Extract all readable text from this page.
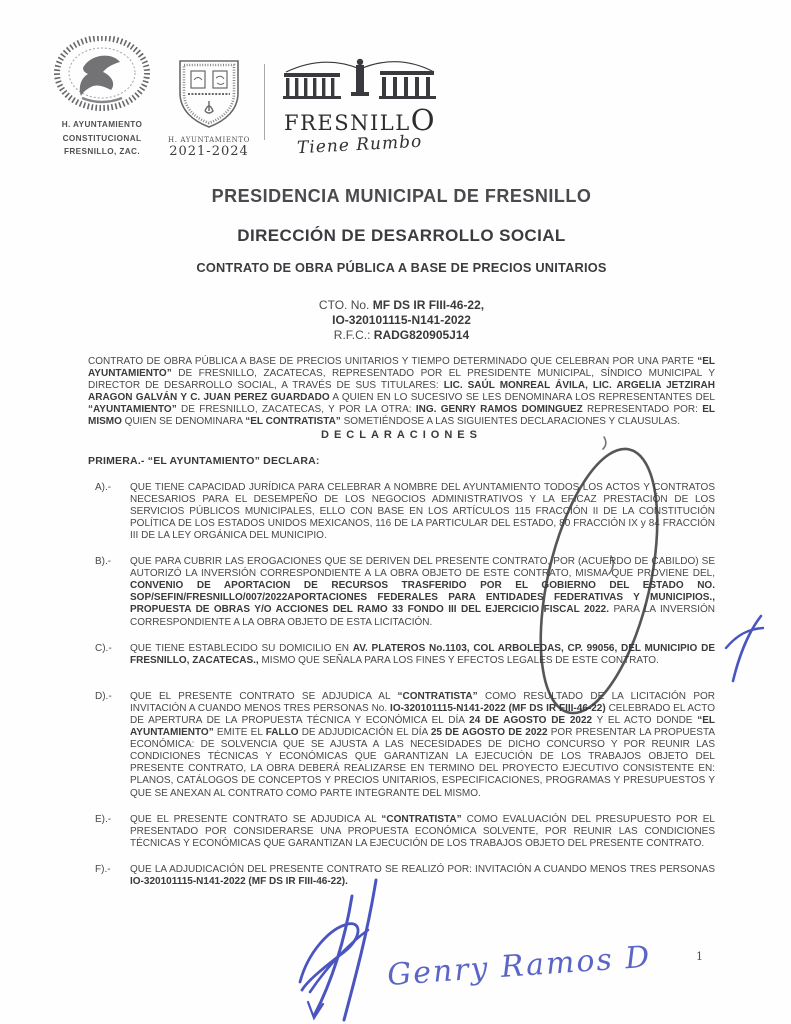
H. AYUNTAMIENTO
CONSTITUCIONAL
FRESNILLO, ZAC.
H. AYUNTAMIENTO
2021-2024
FRESNILLO
Tiene Rumbo
PRESIDENCIA MUNICIPAL DE FRESNILLO
DIRECCIÓN DE DESARROLLO SOCIAL
CONTRATO DE OBRA PÚBLICA A BASE DE PRECIOS UNITARIOS
CTO. No. MF DS IR FIII-46-22,
IO-320101115-N141-2022
R.F.C.: RADG820905J14

CONTRATO DE OBRA PÚBLICA A BASE DE PRECIOS UNITARIOS Y TIEMPO DETERMINADO QUE CELEBRAN POR UNA PARTE “EL AYUNTAMIENTO” DE FRESNILLO, ZACATECAS, REPRESENTADO POR EL PRESIDENTE MUNICIPAL, SÍNDICO MUNICIPAL Y DIRECTOR DE DESARROLLO SOCIAL, A TRAVÉS DE SUS TITULARES: LIC. SAÚL MONREAL ÁVILA, LIC. ARGELIA JETZIRAH ARAGON GALVÁN Y C. JUAN PEREZ GUARDADO A QUIEN EN LO SUCESIVO SE LES DENOMINARA LOS REPRESENTANTES DEL “AYUNTAMIENTO” DE FRESNILLO, ZACATECAS, Y POR LA OTRA: ING. GENRY RAMOS DOMINGUEZ REPRESENTADO POR: EL MISMO QUIEN SE DENOMINARA “EL CONTRATISTA” SOMETIÉNDOSE A LAS SIGUIENTES DECLARACIONES Y CLAUSULAS.

DECLARACIONES
PRIMERA.- “EL AYUNTAMIENTO” DECLARA:
A).-	QUE TIENE CAPACIDAD JURÍDICA PARA CELEBRAR A NOMBRE DEL AYUNTAMIENTO TODOS LOS ACTOS Y CONTRATOS NECESARIOS PARA EL DESEMPEÑO DE LOS NEGOCIOS ADMINISTRATIVOS Y LA EFICAZ PRESTACIÓN DE LOS SERVICIOS PÚBLICOS MUNICIPALES, ELLO CON BASE EN LOS ARTÍCULOS 115 FRACCIÓN II DE LA CONSTITUCIÓN POLÍTICA DE LOS ESTADOS UNIDOS MEXICANOS, 116 DE LA PARTICULAR DEL ESTADO, 80 FRACCIÓN IX y 84 FRACCIÓN III DE LA LEY ORGÁNICA DEL MUNICIPIO.

B).-	QUE PARA CUBRIR LAS EROGACIONES QUE SE DERIVEN DEL PRESENTE CONTRATO, POR (ACUERDO DE CABILDO) SE AUTORIZÓ LA INVERSIÓN CORRESPONDIENTE A LA OBRA OBJETO DE ESTE CONTRATO, MISMA QUE PROVIENE DEL, CONVENIO DE APORTACION DE RECURSOS TRASFERIDO POR EL GOBIERNO DEL ESTADO NO. SOP/SEFIN/FRESNILLO/007/2022APORTACIONES FEDERALES PARA ENTIDADES FEDERATIVAS Y MUNICIPIOS., PROPUESTA DE OBRAS Y/O ACCIONES DEL RAMO 33 FONDO III DEL EJERCICIO FISCAL 2022. PARA LA INVERSIÓN CORRESPONDIENTE A LA OBRA OBJETO DE ESTA LICITACIÓN.

C).-	QUE TIENE ESTABLECIDO SU DOMICILIO EN AV. PLATEROS No.1103, COL ARBOLEDAS, CP. 99056, DEL MUNICIPIO DE FRESNILLO, ZACATECAS., MISMO QUE SEÑALA PARA LOS FINES Y EFECTOS LEGALES DE ESTE CONTRATO.

D).-	QUE EL PRESENTE CONTRATO SE ADJUDICA AL “CONTRATISTA” COMO RESULTADO DE LA LICITACIÓN POR INVITACIÓN A CUANDO MENOS TRES PERSONAS No. IO-320101115-N141-2022 (MF DS IR FIII-46-22) CELEBRADO EL ACTO DE APERTURA DE LA PROPUESTA TÉCNICA Y ECONÓMICA EL DÍA 24 DE AGOSTO DE 2022 Y EL ACTO DONDE “EL AYUNTAMIENTO” EMITE EL FALLO DE ADJUDICACIÓN EL DÍA 25 DE AGOSTO DE 2022 POR PRESENTAR LA PROPUESTA ECONÓMICA: DE SOLVENCIA QUE SE AJUSTA A LAS NECESIDADES DE DICHO CONCURSO Y POR REUNIR LAS CONDICIONES TÉCNICAS Y ECONÓMICAS QUE GARANTIZAN LA EJECUCIÓN DE LOS TRABAJOS OBJETO DEL PRESENTE CONTRATO, LA OBRA DEBERÁ REALIZARSE EN TERMINO DEL PROYECTO EJECUTIVO CONSISTENTE EN: PLANOS, CATÁLOGOS DE CONCEPTOS Y PRECIOS UNITARIOS, ESPECIFICACIONES, PROGRAMAS Y PRESUPUESTOS Y QUE SE ANEXAN AL CONTRATO COMO PARTE INTEGRANTE DEL MISMO.

E).-	QUE EL PRESENTE CONTRATO SE ADJUDICA AL “CONTRATISTA” COMO EVALUACIÓN DEL PRESUPUESTO POR EL PRESENTADO POR CONSIDERARSE UNA PROPUESTA ECONÓMICA SOLVENTE, POR REUNIR LAS CONDICIONES TÉCNICAS Y ECONÓMICAS QUE GARANTIZAN LA EJECUCIÓN DE LOS TRABAJOS OBJETO DEL PRESENTE CONTRATO.

F).-	QUE LA ADJUDICACIÓN DEL PRESENTE CONTRATO SE REALIZÓ POR: INVITACIÓN A CUANDO MENOS TRES PERSONAS IO-320101115-N141-2022 (MF DS IR FIII-46-22).

1
Genry Ramos D
